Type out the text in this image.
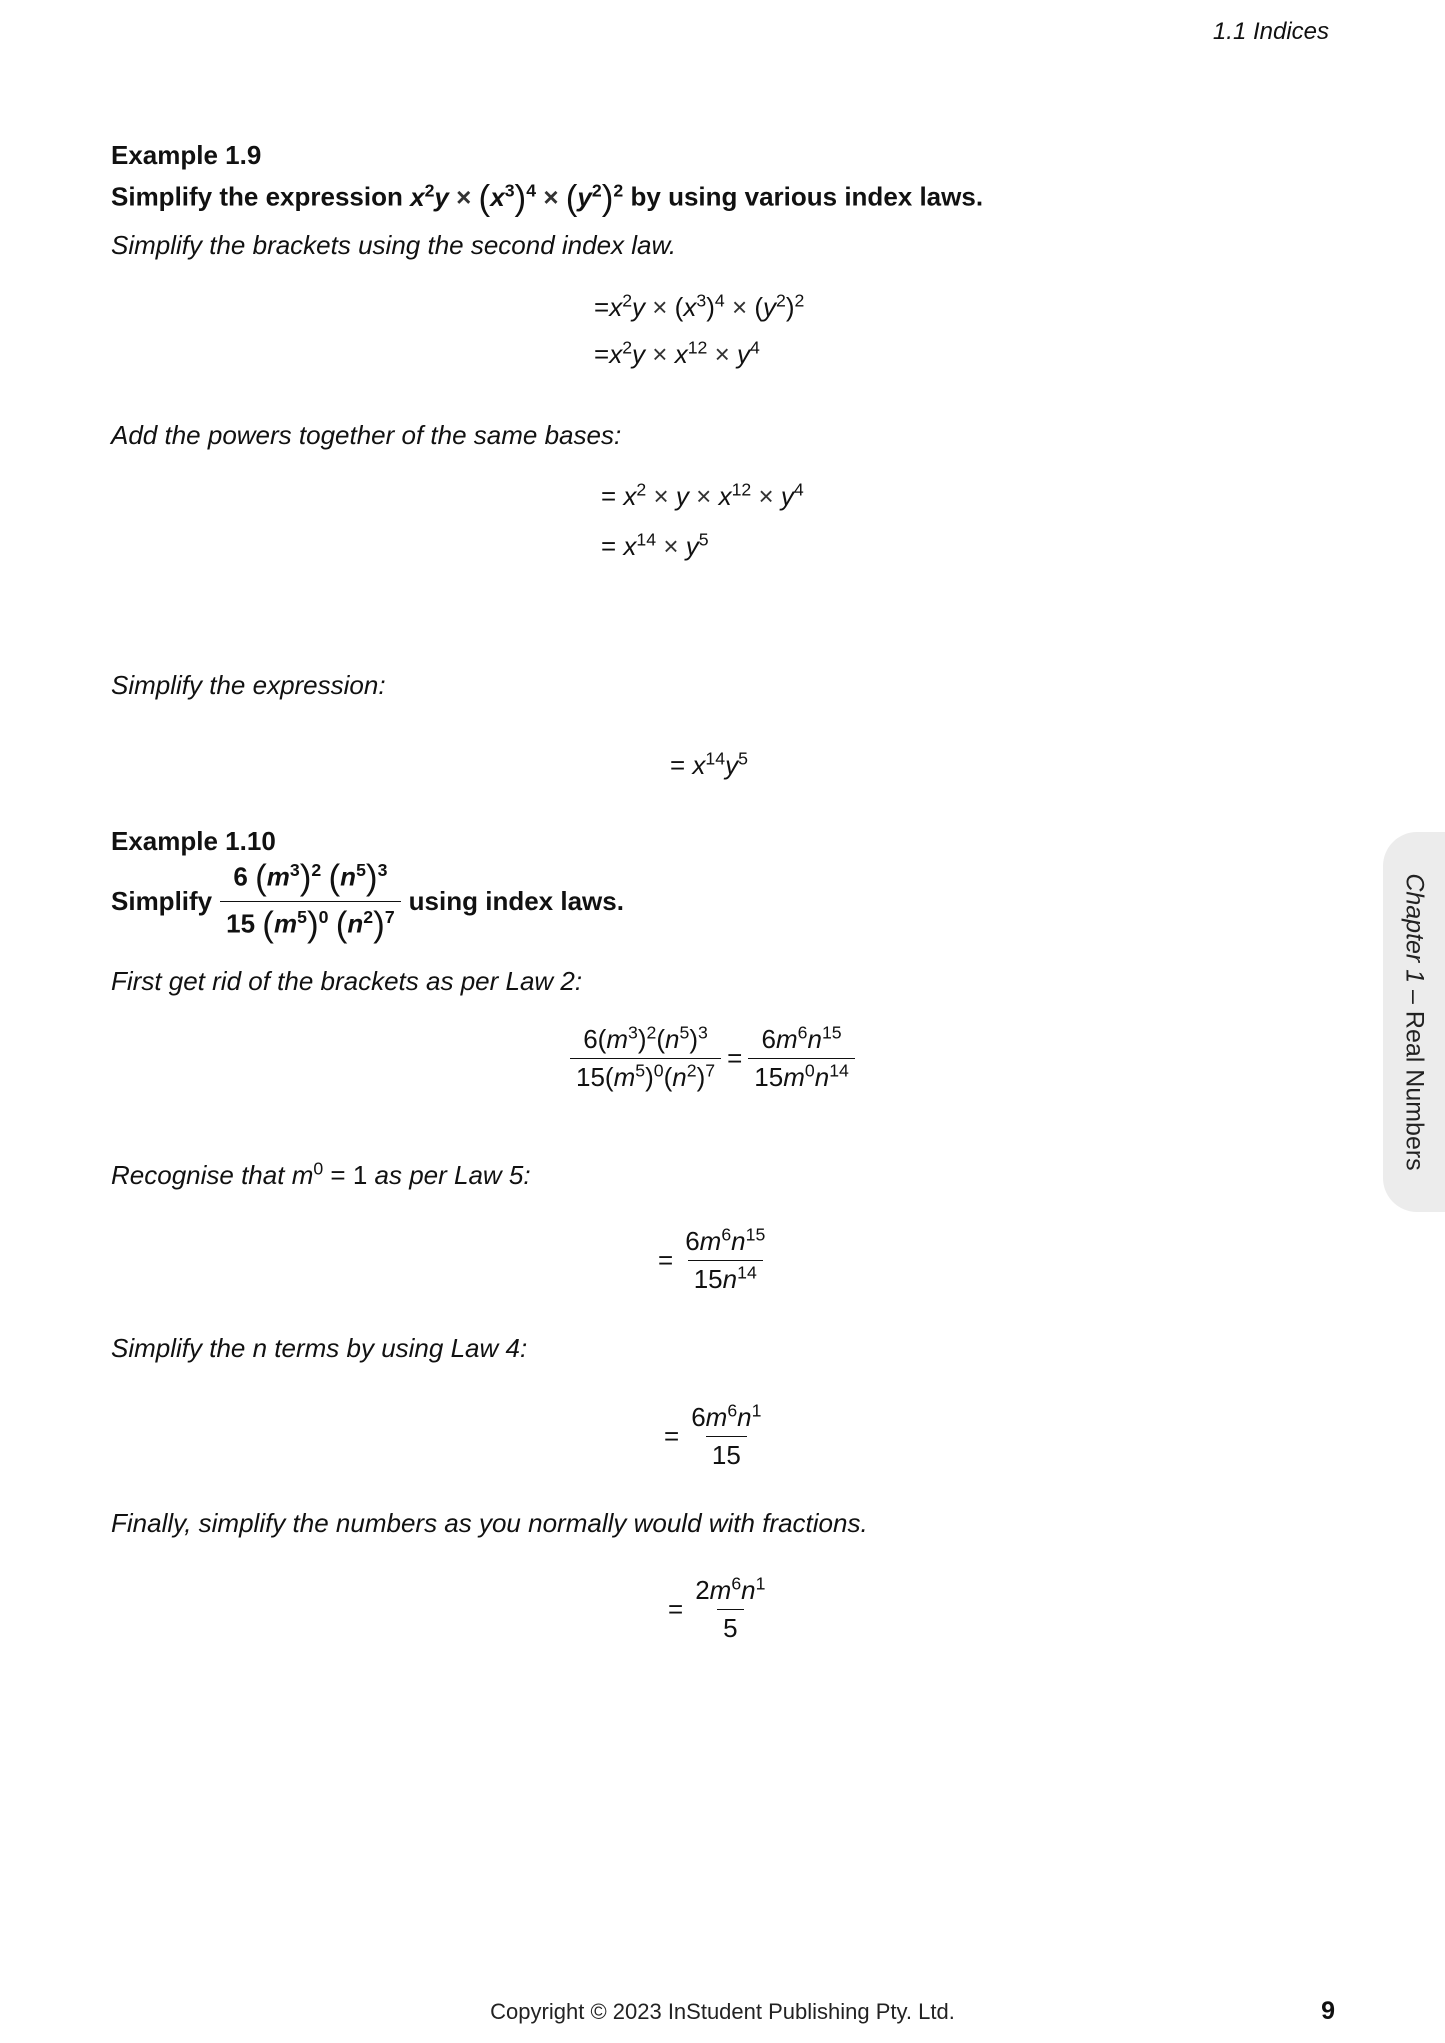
1.1 Indices
Example 1.9
Simplify the expression $x^2y \times (x^3)^4 \times (y^2)^2$ by using various index laws.
Simplify the brackets using the second index law.
$=x^2y \times (x^3)^4 \times (y^2)^2$
$=x^2y \times x^{12} \times y^4$
Add the powers together of the same bases:
= $x^2 \times y \times x^{12} \times y^4$
= $x^{14} \times y^5$
Simplify the expression:
= $x^{14}y^5$
Example 1.10
Simplify $\frac{6 (m^3)^2 (n^5)^3}{15 (m^5)^0 (n^2)^7}$ using index laws.
First get rid of the brackets as per Law 2:
$\frac{6(m^3)^2(n^5)^3}{15(m^5)^0(n^2)^7} = \frac{6m^6n^{15}}{15m^0n^{14}}$
Recognise that $m^0 = 1$ as per Law 5:
= $\frac{6m^6n^{15}}{15n^{14}}$
Simplify the n terms by using Law 4:
= $\frac{6m^6n^1}{15}$
Finally, simplify the numbers as you normally would with fractions.
= $\frac{2m^6n^1}{5}$
Chapter 1 – Real Numbers
Copyright © 2023 InStudent Publishing Pty. Ltd.	9
